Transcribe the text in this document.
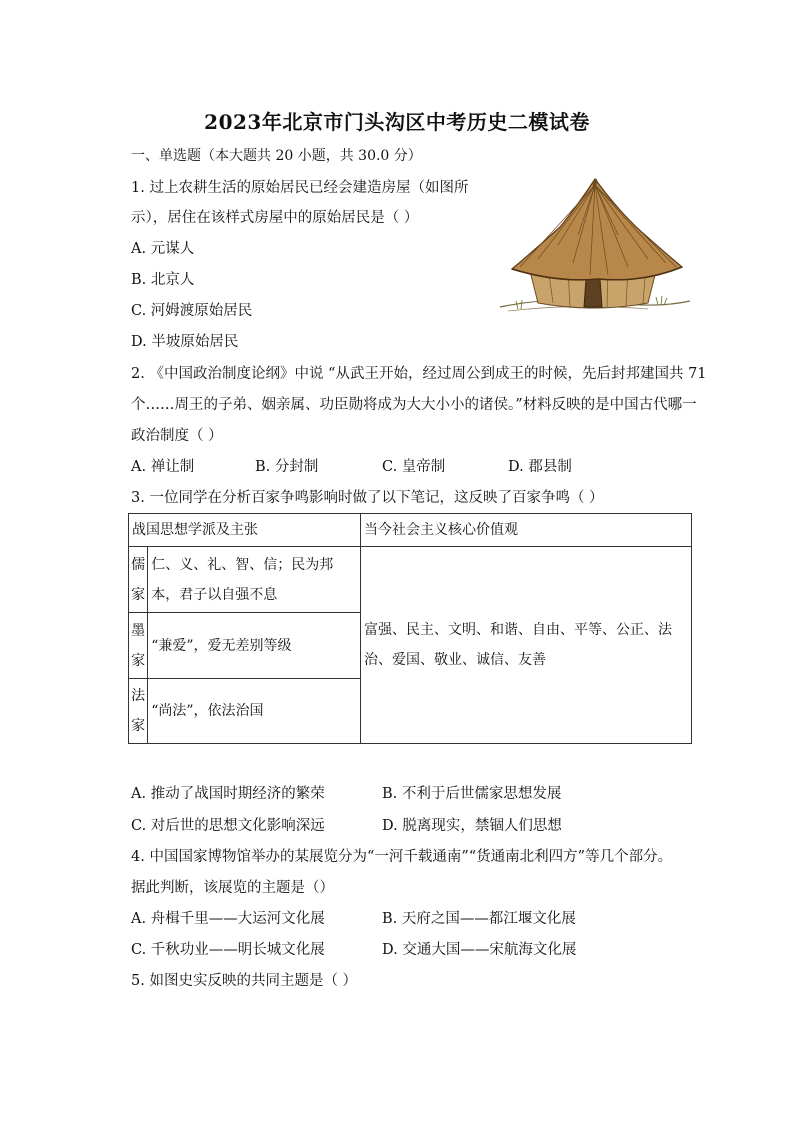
2023年北京市门头沟区中考历史二模试卷
一、单选题（本大题共 20 小题，共 30.0 分）
1. 过上农耕生活的原始居民已经会建造房屋（如图所
示），居住在该样式房屋中的原始居民是（ ）
A. 元谋人
B. 北京人
C. 河姆渡原始居民
D. 半坡原始居民
2. 《中国政治制度论纲》中说 “从武王开始，经过周公到成王的时候，先后封邦建国共 71
个……周王的子弟、姻亲属、功臣勋将成为大大小小的诸侯。”材料反映的是中国古代哪一
政治制度（ ）
A. 禅让制	B. 分封制	C. 皇帝制	D. 郡县制
3. 一位同学在分析百家争鸣影响时做了以下笔记，这反映了百家争鸣（ ）
战国思想学派及主张		当今社会主义核心价值观
儒家	仁、义、礼、智、信；民为邦本，君子以自强不息	富强、民主、文明、和谐、自由、平等、公正、法治、爱国、敬业、诚信、友善
墨家	“兼爱”，爱无差别等级	
法家	“尚法”，依法治国	
A. 推动了战国时期经济的繁荣	B. 不利于后世儒家思想发展
C. 对后世的思想文化影响深远	D. 脱离现实，禁锢人们思想
4. 中国国家博物馆举办的某展览分为“一河千载通南”“货通南北利四方”等几个部分。
据此判断，该展览的主题是（）
A. 舟楫千里——大运河文化展	B. 天府之国——都江堰文化展
C. 千秋功业——明长城文化展	D. 交通大国——宋航海文化展
5. 如图史实反映的共同主题是（ ）
